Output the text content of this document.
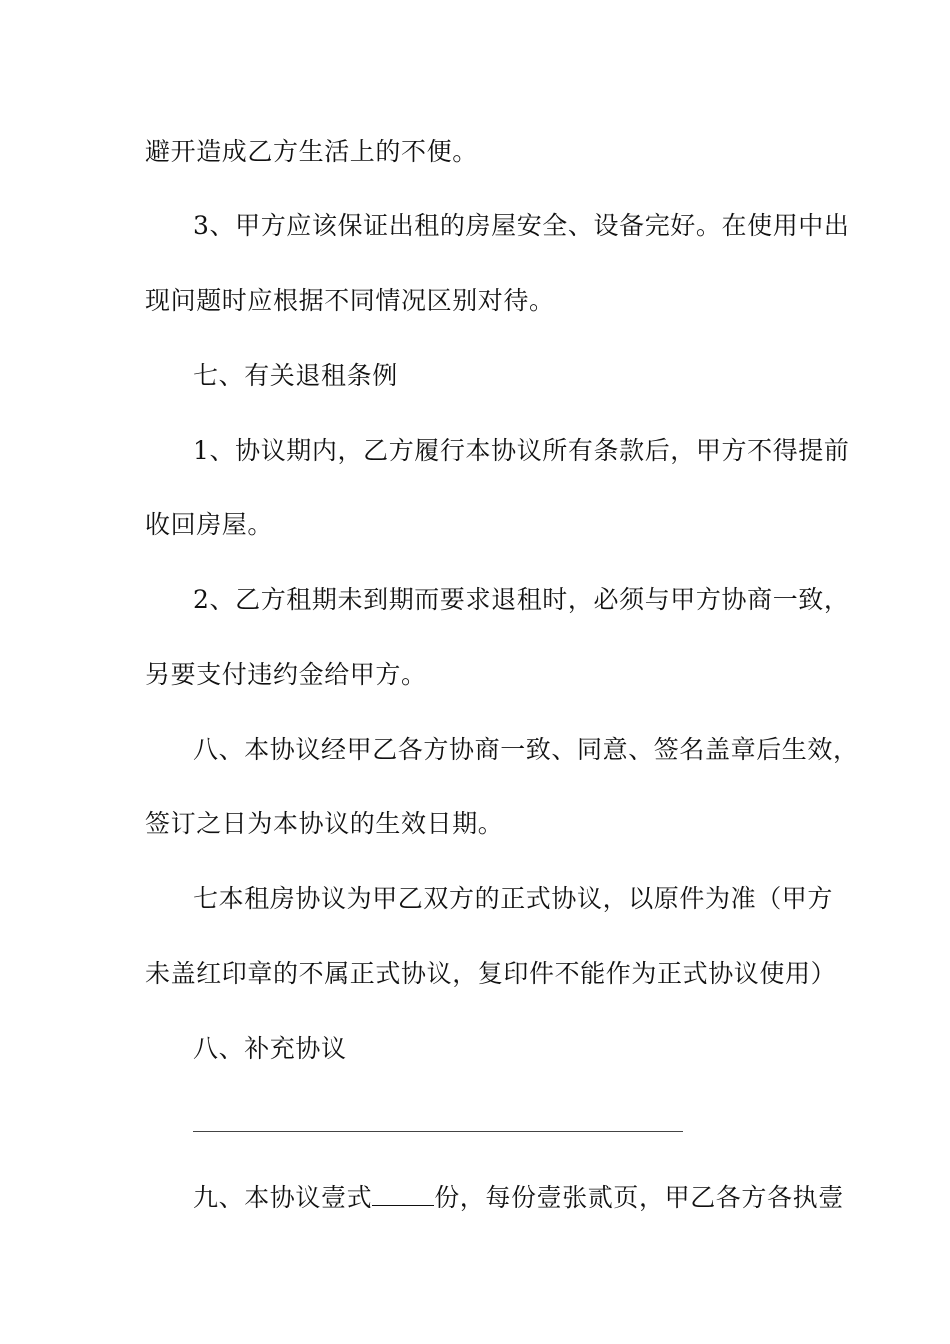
避开造成乙方生活上的不便。
3、甲方应该保证出租的房屋安全、设备完好。在使用中出
现问题时应根据不同情况区别对待。
七、有关退租条例
1、协议期内，乙方履行本协议所有条款后，甲方不得提前
收回房屋。
2、乙方租期未到期而要求退租时，必须与甲方协商一致，
另要支付违约金给甲方。
八、本协议经甲乙各方协商一致、同意、签名盖章后生效，
签订之日为本协议的生效日期。
七本租房协议为甲乙双方的正式协议，以原件为准（甲方
未盖红印章的不属正式协议，复印件不能作为正式协议使用）
八、补充协议
九、本协议壹式 份，每份壹张贰页，甲乙各方各执壹
